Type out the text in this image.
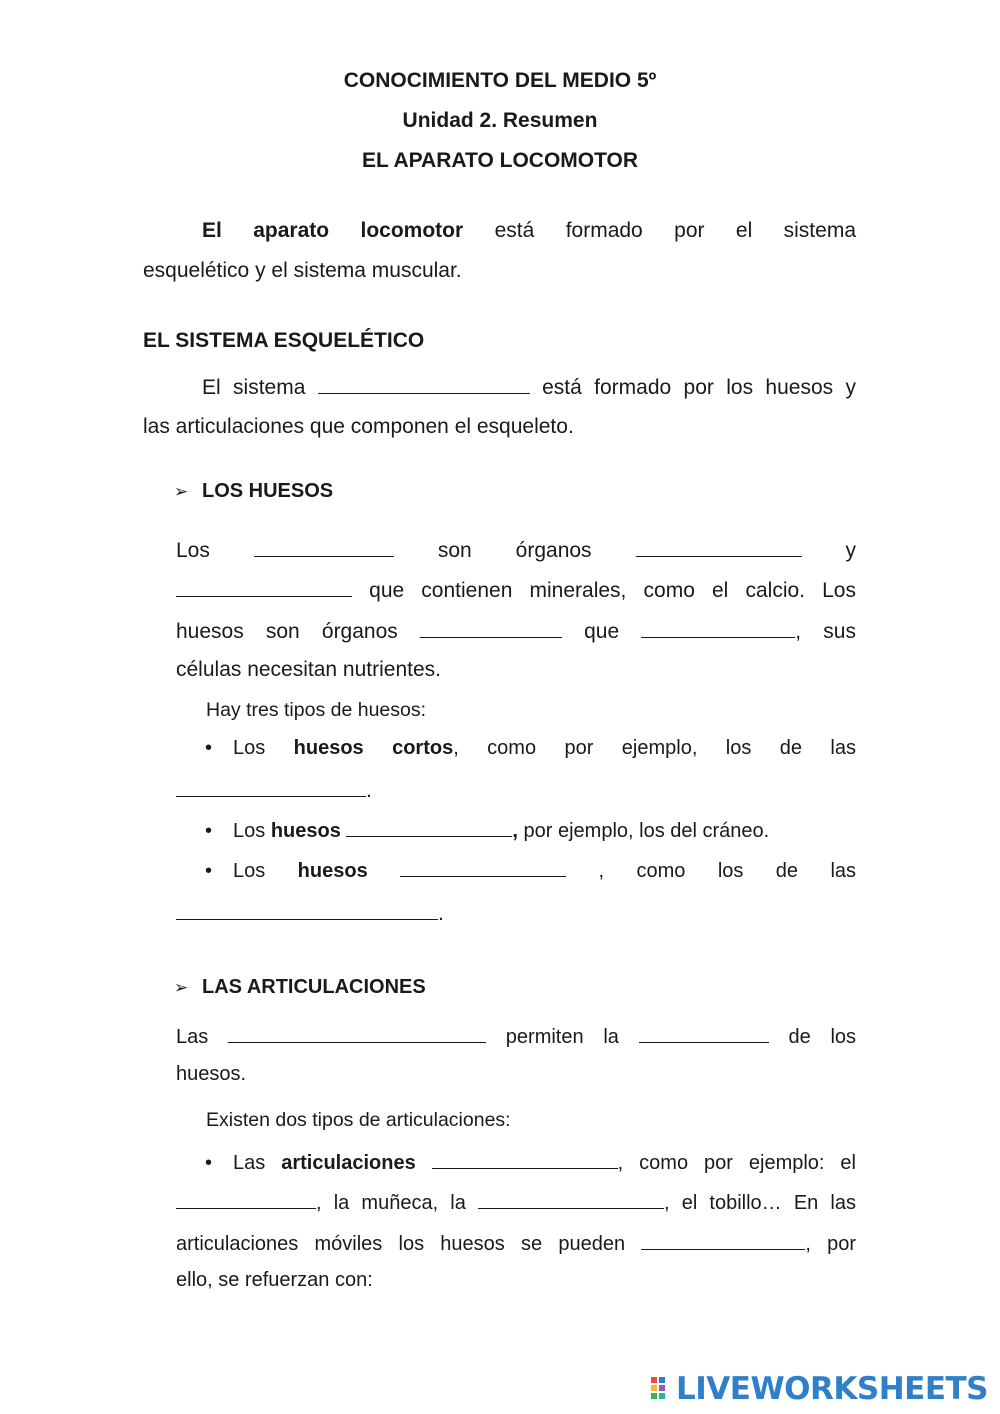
CONOCIMIENTO DEL MEDIO 5º
Unidad 2. Resumen
EL APARATO LOCOMOTOR
El aparato locomotor está formado por el sistema
esquelético y el sistema muscular.
EL SISTEMA ESQUELÉTICO
El sistema	está formado por los huesos y
las articulaciones que componen el esqueleto.
➢ LOS HUESOS
Los	son órganos	y
que contienen minerales, como el calcio. Los
huesos son órganos	que	, sus
células necesitan nutrientes.
Hay tres tipos de huesos:
• Los huesos cortos, como por ejemplo, los de las
.
• Los huesos	, por ejemplo, los del cráneo.
• Los huesos	, como los de las
.
➢ LAS ARTICULACIONES
Las	permiten la	de los
huesos.
Existen dos tipos de articulaciones:
• Las articulaciones	, como por ejemplo: el
, la muñeca, la	, el tobillo… En las
articulaciones móviles los huesos se pueden	, por
ello, se refuerzan con:
LIVEWORKSHEETS
